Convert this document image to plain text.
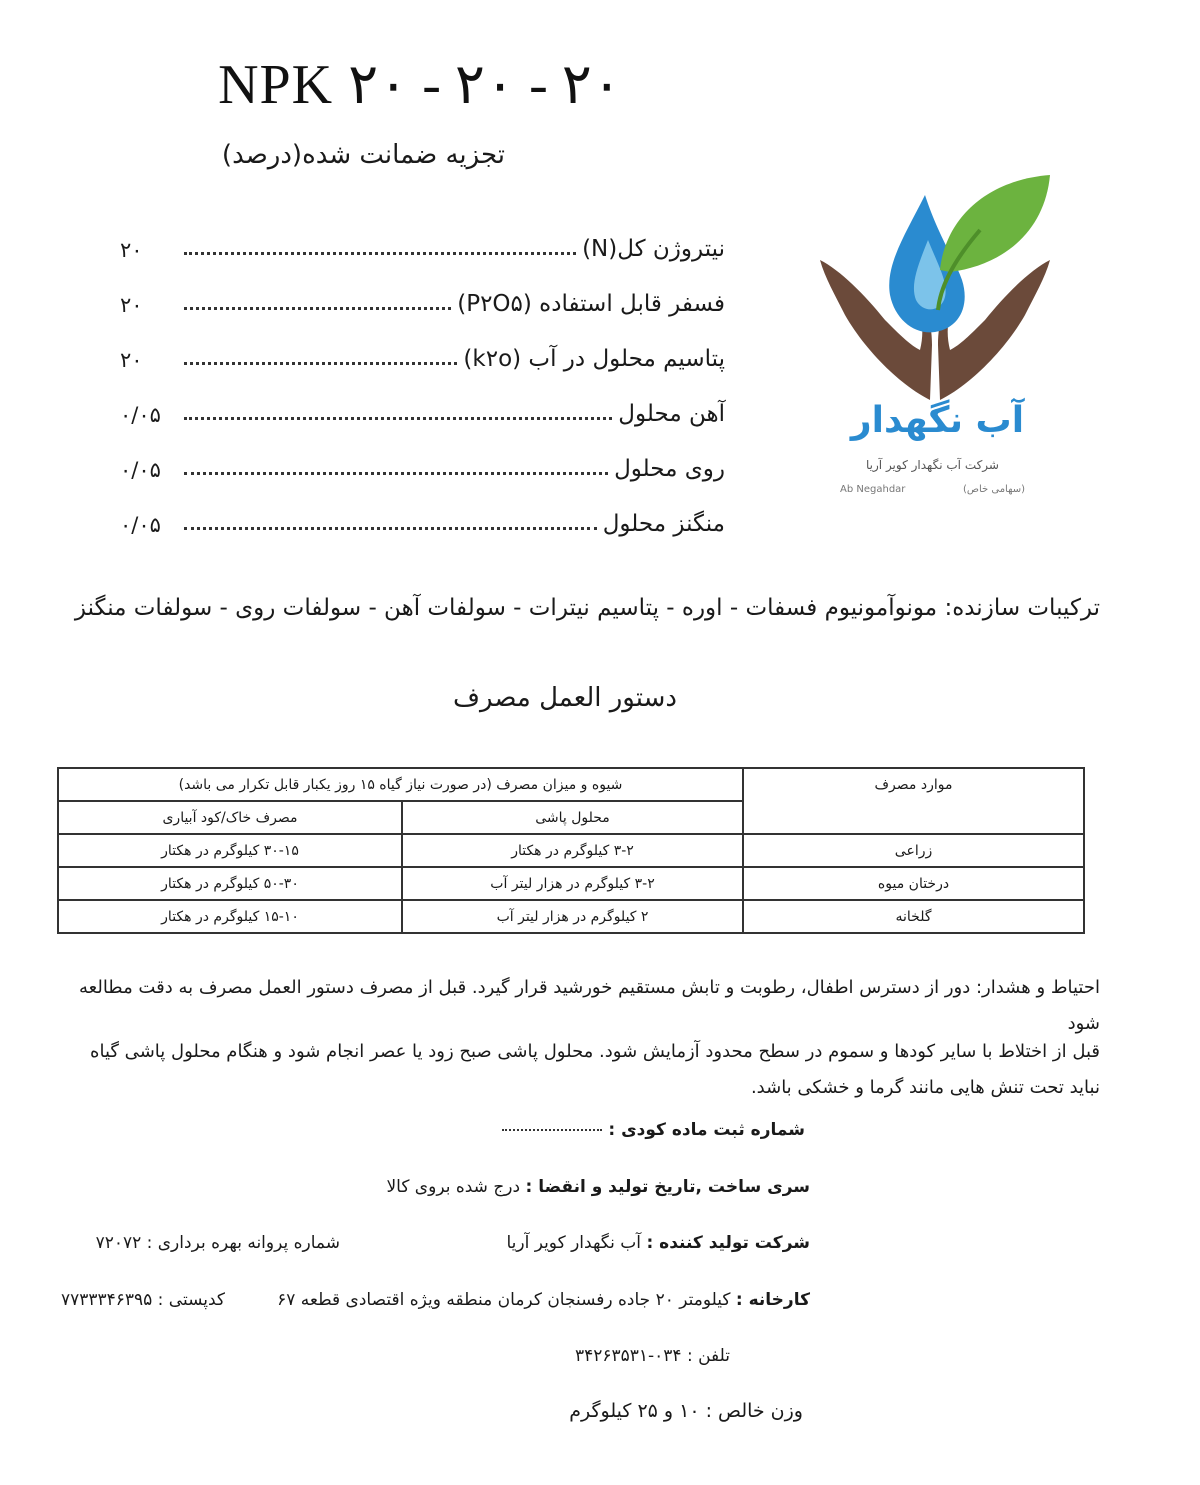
NPK ۲۰ - ۲۰ - ۲۰
تجزیه ضمانت شده(درصد)
آب نگهدار
شرکت آب نگهدار کویر آریا
Ab Negahdar	(سهامی خاص)
نیتروژن کل(N)
۲۰
فسفر قابل استفاده (P۲O۵)
۲۰
پتاسیم محلول در آب (k۲o)
۲۰
آهن محلول
۰/۰۵
روی محلول
۰/۰۵
منگنز محلول
۰/۰۵
ترکیبات سازنده: مونوآمونیوم فسفات - اوره - پتاسیم نیترات - سولفات آهن - سولفات روی - سولفات منگنز
دستور العمل مصرف
موارد مصرف	شیوه و میزان مصرف (در صورت نیاز گیاه ۱۵ روز یکبار قابل تکرار می باشد)	
	محلول پاشی	مصرف خاک/کود آبیاری
زراعی	۳-۲ کیلوگرم در هکتار	۳۰-۱۵ کیلوگرم در هکتار
درختان میوه	۳-۲ کیلوگرم در هزار لیتر آب	۵۰-۳۰ کیلوگرم در هکتار
گلخانه	۲ کیلوگرم در هزار لیتر آب	۱۵-۱۰ کیلوگرم در هکتار
احتیاط و هشدار: دور از دسترس اطفال، رطوبت و تابش مستقیم خورشید قرار گیرد. قبل از مصرف دستور العمل مصرف به دقت مطالعه شود
قبل از اختلاط با سایر کودها و سموم در سطح محدود آزمایش شود. محلول پاشی صبح زود یا عصر انجام شود و هنگام محلول پاشی گیاه نباید تحت تنش هایی مانند گرما و خشکی باشد.
شماره ثبت ماده کودی :
سری ساخت ,تاریخ تولید و انقضا : درج شده بروی کالا
شرکت تولید کننده : آب نگهدار کویر آریا
شماره پروانه بهره برداری : ۷۲۰۷۲
کارخانه : کیلومتر ۲۰ جاده رفسنجان کرمان منطقه ویژه اقتصادی قطعه ۶۷
کدپستی : ۷۷۳۳۳۴۶۳۹۵
تلفن : ۰۳۴-۳۴۲۶۳۵۳۱
وزن خالص : ۱۰ و ۲۵ کیلوگرم
